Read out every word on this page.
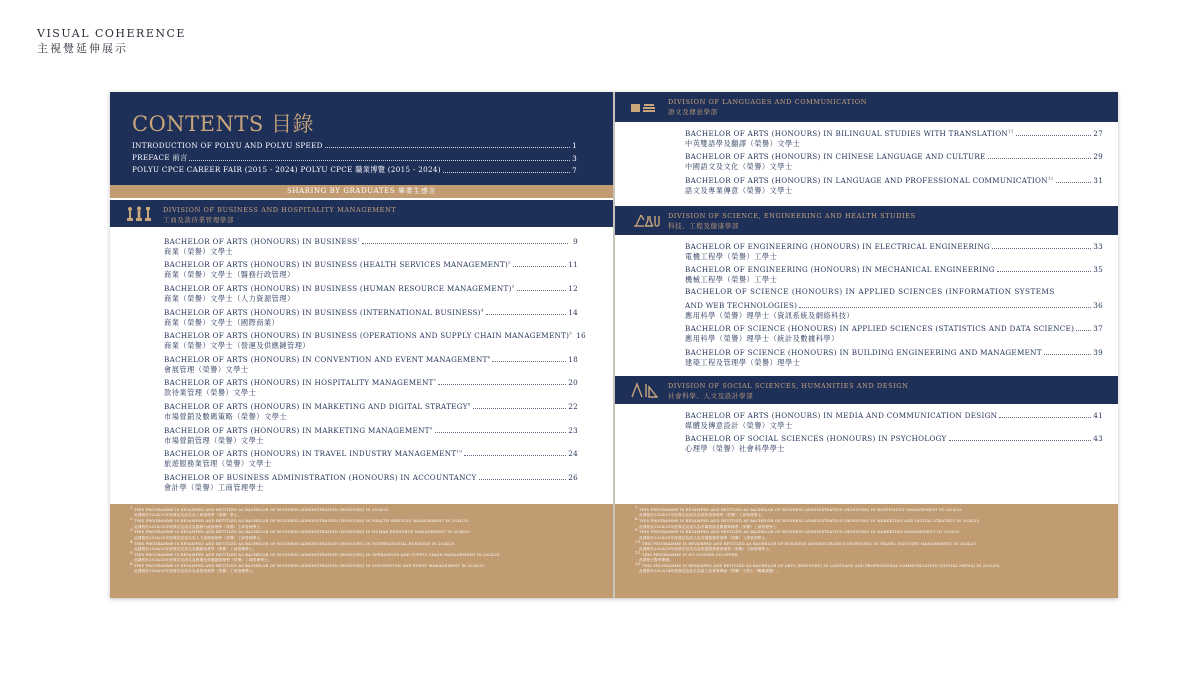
VISUAL COHERENCE
主視覺延伸展示
CONTENTS 目錄
INTRODUCTION OF POLYU AND POLYU SPEED	1
PREFACE 前言	3
POLYU CPCE CAREER FAIR (2015 - 2024) POLYU CPCE 職業博覽 (2015 - 2024)	7
SHARING BY GRADUATES 畢業生感言
DIVISION OF BUSINESS AND HOSPITALITY MANAGEMENT
工商及款待業管理學部
BACHELOR OF ARTS (HONOURS) IN BUSINESS$^1$	9
商業（榮譽）文學士
BACHELOR OF ARTS (HONOURS) IN BUSINESS (HEALTH SERVICES MANAGEMENT)$^2$	11
商業（榮譽）文學士（醫務行政管理）
BACHELOR OF ARTS (HONOURS) IN BUSINESS (HUMAN RESOURCE MANAGEMENT)$^3$	12
商業（榮譽）文學士（人力資源管理）
BACHELOR OF ARTS (HONOURS) IN BUSINESS (INTERNATIONAL BUSINESS)$^4$	14
商業（榮譽）文學士（國際商業）
BACHELOR OF ARTS (HONOURS) IN BUSINESS (OPERATIONS AND SUPPLY CHAIN MANAGEMENT)$^5$ 16
商業（榮譽）文學士（營運及供應鏈管理）
BACHELOR OF ARTS (HONOURS) IN CONVENTION AND EVENT MANAGEMENT$^6$	18
會展管理（榮譽）文學士
BACHELOR OF ARTS (HONOURS) IN HOSPITALITY MANAGEMENT$^7$	20
款待業管理（榮譽）文學士
BACHELOR OF ARTS (HONOURS) IN MARKETING AND DIGITAL STRATEGY$^8$	22
市場營銷及數碼策略（榮譽）文學士
BACHELOR OF ARTS (HONOURS) IN MARKETING MANAGEMENT$^9$	23
市場營銷管理（榮譽）文學士
BACHELOR OF ARTS (HONOURS) IN TRAVEL INDUSTRY MANAGEMENT$^{10}$	24
旅遊服務業管理（榮譽）文學士
BACHELOR OF BUSINESS ADMINISTRATION (HONOURS) IN ACCOUNTANCY	26
會計學（榮譽）工商管理學士
$^1$ THIS PROGRAMME IS REVAMPED AND RETITLED AS BACHELOR OF BUSINESS ADMINISTRATION (HONOURS) IN 2024/25.
此課程於2024/25年度修訂及改名為工商管理學（榮譽）學士。
$^2$ THIS PROGRAMME IS REVAMPED AND RETITLED AS BACHELOR OF BUSINESS ADMINISTRATION (HONOURS) IN HEALTH SERVICES MANAGEMENT IN 2024/25.
此課程於2024/25年度修訂及改名為醫務行政管理學（榮譽）工商管理學士。
$^3$ THIS PROGRAMME IS REVAMPED AND RETITLED AS BACHELOR OF BUSINESS ADMINISTRATION (HONOURS) IN HUMAN RESOURCE MANAGEMENT IN 2024/25.
此課程於2024/25年度修訂及改名為人力資源管理學（榮譽）工商管理學士。
$^4$ THIS PROGRAMME IS REVAMPED AND RETITLED AS BACHELOR OF BUSINESS ADMINISTRATION (HONOURS) IN INTERNATIONAL BUSINESS IN 2024/25.
此課程於2024/25年度修訂及改名為國際商業學（榮譽）工商管理學士。
$^5$ THIS PROGRAMME IS REVAMPED AND RETITLED AS BACHELOR OF BUSINESS ADMINISTRATION (HONOURS) IN OPERATIONS AND SUPPLY CHAIN MANAGEMENT IN 2024/25.
此課程於2024/25年度修訂及改名為營運及供應鏈管理學（榮譽）工商管理學士。
$^6$ THIS PROGRAMME IS REVAMPED AND RETITLED AS BACHELOR OF BUSINESS ADMINISTRATION (HONOURS) IN CONVENTION AND EVENT MANAGEMENT IN 2024/25.
此課程於2024/25年度修訂及改名為會展管理學（榮譽）工商管理學士。
DIVISION OF LANGUAGES AND COMMUNICATION
語文及傳意學部
BACHELOR OF ARTS (HONOURS) IN BILINGUAL STUDIES WITH TRANSLATION$^{11}$	27
中英雙語學及翻譯（榮譽）文學士
BACHELOR OF ARTS (HONOURS) IN CHINESE LANGUAGE AND CULTURE	29
中國語文及文化（榮譽）文學士
BACHELOR OF ARTS (HONOURS) IN LANGUAGE AND PROFESSIONAL COMMUNICATION$^{12}$	31
語文及專業傳意（榮譽）文學士
DIVISION OF SCIENCE, ENGINEERING AND HEALTH STUDIES
科技、工程及健康學部
BACHELOR OF ENGINEERING (HONOURS) IN ELECTRICAL ENGINEERING	33
電機工程學（榮譽）工學士
BACHELOR OF ENGINEERING (HONOURS) IN MECHANICAL ENGINEERING	35
機械工程學（榮譽）工學士
BACHELOR OF SCIENCE (HONOURS) IN APPLIED SCIENCES (INFORMATION SYSTEMS
AND WEB TECHNOLOGIES)	36
應用科學（榮譽）理學士（資訊系統及網絡科技）
BACHELOR OF SCIENCE (HONOURS) IN APPLIED SCIENCES (STATISTICS AND DATA SCIENCE)	37
應用科學（榮譽）理學士（統計及數據科學）
BACHELOR OF SCIENCE (HONOURS) IN BUILDING ENGINEERING AND MANAGEMENT	39
建築工程及管理學（榮譽）理學士
DIVISION OF SOCIAL SCIENCES, HUMANITIES AND DESIGN
社會科學、人文及設計學部
BACHELOR OF ARTS (HONOURS) IN MEDIA AND COMMUNICATION DESIGN	41
媒體及傳意設計（榮譽）文學士
BACHELOR OF SOCIAL SCIENCES (HONOURS) IN PSYCHOLOGY	43
心理學（榮譽）社會科學學士
$^7$ THIS PROGRAMME IS REVAMPED AND RETITLED AS BACHELOR OF BUSINESS ADMINISTRATION (HONOURS) IN HOSPITALITY MANAGEMENT IN 2024/25.
此課程於2024/25年度修訂及改名為款待業管理學（榮譽）工商管理學士。
$^8$ THIS PROGRAMME IS REVAMPED AND RETITLED AS BACHELOR OF BUSINESS ADMINISTRATION (HONOURS) IN MARKETING AND DIGITAL STRATEGY IN 2024/25.
此課程於2024/25年度修訂及改名為市場營銷及數碼策略學（榮譽）工商管理學士。
$^9$ THIS PROGRAMME IS REVAMPED AND RETITLED AS BACHELOR OF BUSINESS ADMINISTRATION (HONOURS) IN MARKETING MANAGEMENT IN 2024/25.
此課程於2024/25年度修訂及改名為市場營銷管理學（榮譽）工商管理學士。
$^{10}$ THIS PROGRAMME IS REVAMPED AND RETITLED AS BACHELOR OF BUSINESS ADMINISTRATION (HONOURS) IN TRAVEL INDUSTRY MANAGEMENT IN 2024/25.
此課程於2024/25年度修訂及改名為旅遊服務業管理學（榮譽）工商管理學士。
$^{11}$ THIS PROGRAMME IS NO LONGER ON OFFER.
此課程已暫停開辦。
$^{12}$ THIS PROGRAMME IS REVAMPED AND RETITLED AS BACHELOR OF ARTS (HONOURS) IN LANGUAGE AND PROFESSIONAL COMMUNICATION (DIGITAL MEDIA) IN 2023/24.
此課程於2023/24年度修訂及改名為語文及專業傳意（榮譽）文學士（數碼媒體）。
